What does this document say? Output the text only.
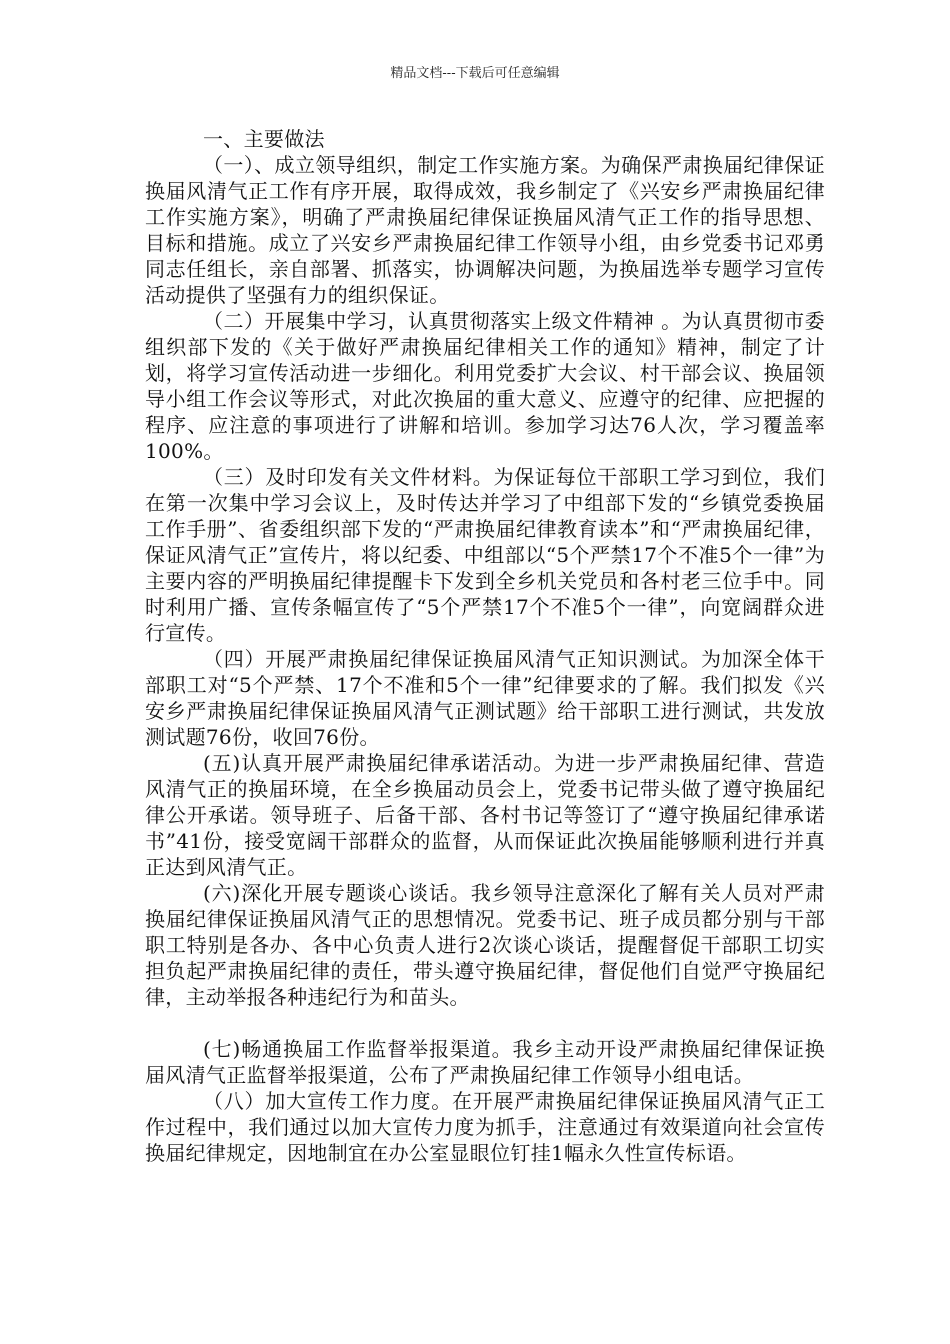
精品文档---下载后可任意编辑

一、主要做法

（一）、成立领导组织，制定工作实施方案。为确保严肃换届纪律保证换届风清气正工作有序开展，取得成效，我乡制定了《兴安乡严肃换届纪律工作实施方案》，明确了严肃换届纪律保证换届风清气正工作的指导思想、目标和措施。成立了兴安乡严肃换届纪律工作领导小组，由乡党委书记邓勇同志任组长，亲自部署、抓落实，协调解决问题，为换届选举专题学习宣传活动提供了坚强有力的组织保证。

（二）开展集中学习，认真贯彻落实上级文件精神 。为认真贯彻市委组织部下发的《关于做好严肃换届纪律相关工作的通知》精神，制定了计划，将学习宣传活动进一步细化。利用党委扩大会议、村干部会议、换届领导小组工作会议等形式，对此次换届的重大意义、应遵守的纪律、应把握的程序、应注意的事项进行了讲解和培训。参加学习达76人次，学习覆盖率100%。

（三）及时印发有关文件材料。为保证每位干部职工学习到位，我们在第一次集中学习会议上，及时传达并学习了中组部下发的“乡镇党委换届工作手册”、省委组织部下发的“严肃换届纪律教育读本”和“严肃换届纪律，保证风清气正”宣传片，将以纪委、中组部以“5个严禁17个不准5个一律”为主要内容的严明换届纪律提醒卡下发到全乡机关党员和各村老三位手中。同时利用广播、宣传条幅宣传了“5个严禁17个不准5个一律”，向宽阔群众进行宣传。

（四）开展严肃换届纪律保证换届风清气正知识测试。为加深全体干部职工对“5个严禁、17个不准和5个一律”纪律要求的了解。我们拟发《兴安乡严肃换届纪律保证换届风清气正测试题》给干部职工进行测试，共发放测试题76份，收回76份。

(五)认真开展严肃换届纪律承诺活动。为进一步严肃换届纪律、营造风清气正的换届环境，在全乡换届动员会上，党委书记带头做了遵守换届纪律公开承诺。领导班子、后备干部、各村书记等签订了“遵守换届纪律承诺书”41份，接受宽阔干部群众的监督，从而保证此次换届能够顺利进行并真正达到风清气正。

(六)深化开展专题谈心谈话。我乡领导注意深化了解有关人员对严肃换届纪律保证换届风清气正的思想情况。党委书记、班子成员都分别与干部职工特别是各办、各中心负责人进行2次谈心谈话，提醒督促干部职工切实担负起严肃换届纪律的责任，带头遵守换届纪律，督促他们自觉严守换届纪律，主动举报各种违纪行为和苗头。

(七)畅通换届工作监督举报渠道。我乡主动开设严肃换届纪律保证换届风清气正监督举报渠道，公布了严肃换届纪律工作领导小组电话。

（八）加大宣传工作力度。在开展严肃换届纪律保证换届风清气正工作过程中，我们通过以加大宣传力度为抓手，注意通过有效渠道向社会宣传换届纪律规定，因地制宜在办公室显眼位钉挂1幅永久性宣传标语。
